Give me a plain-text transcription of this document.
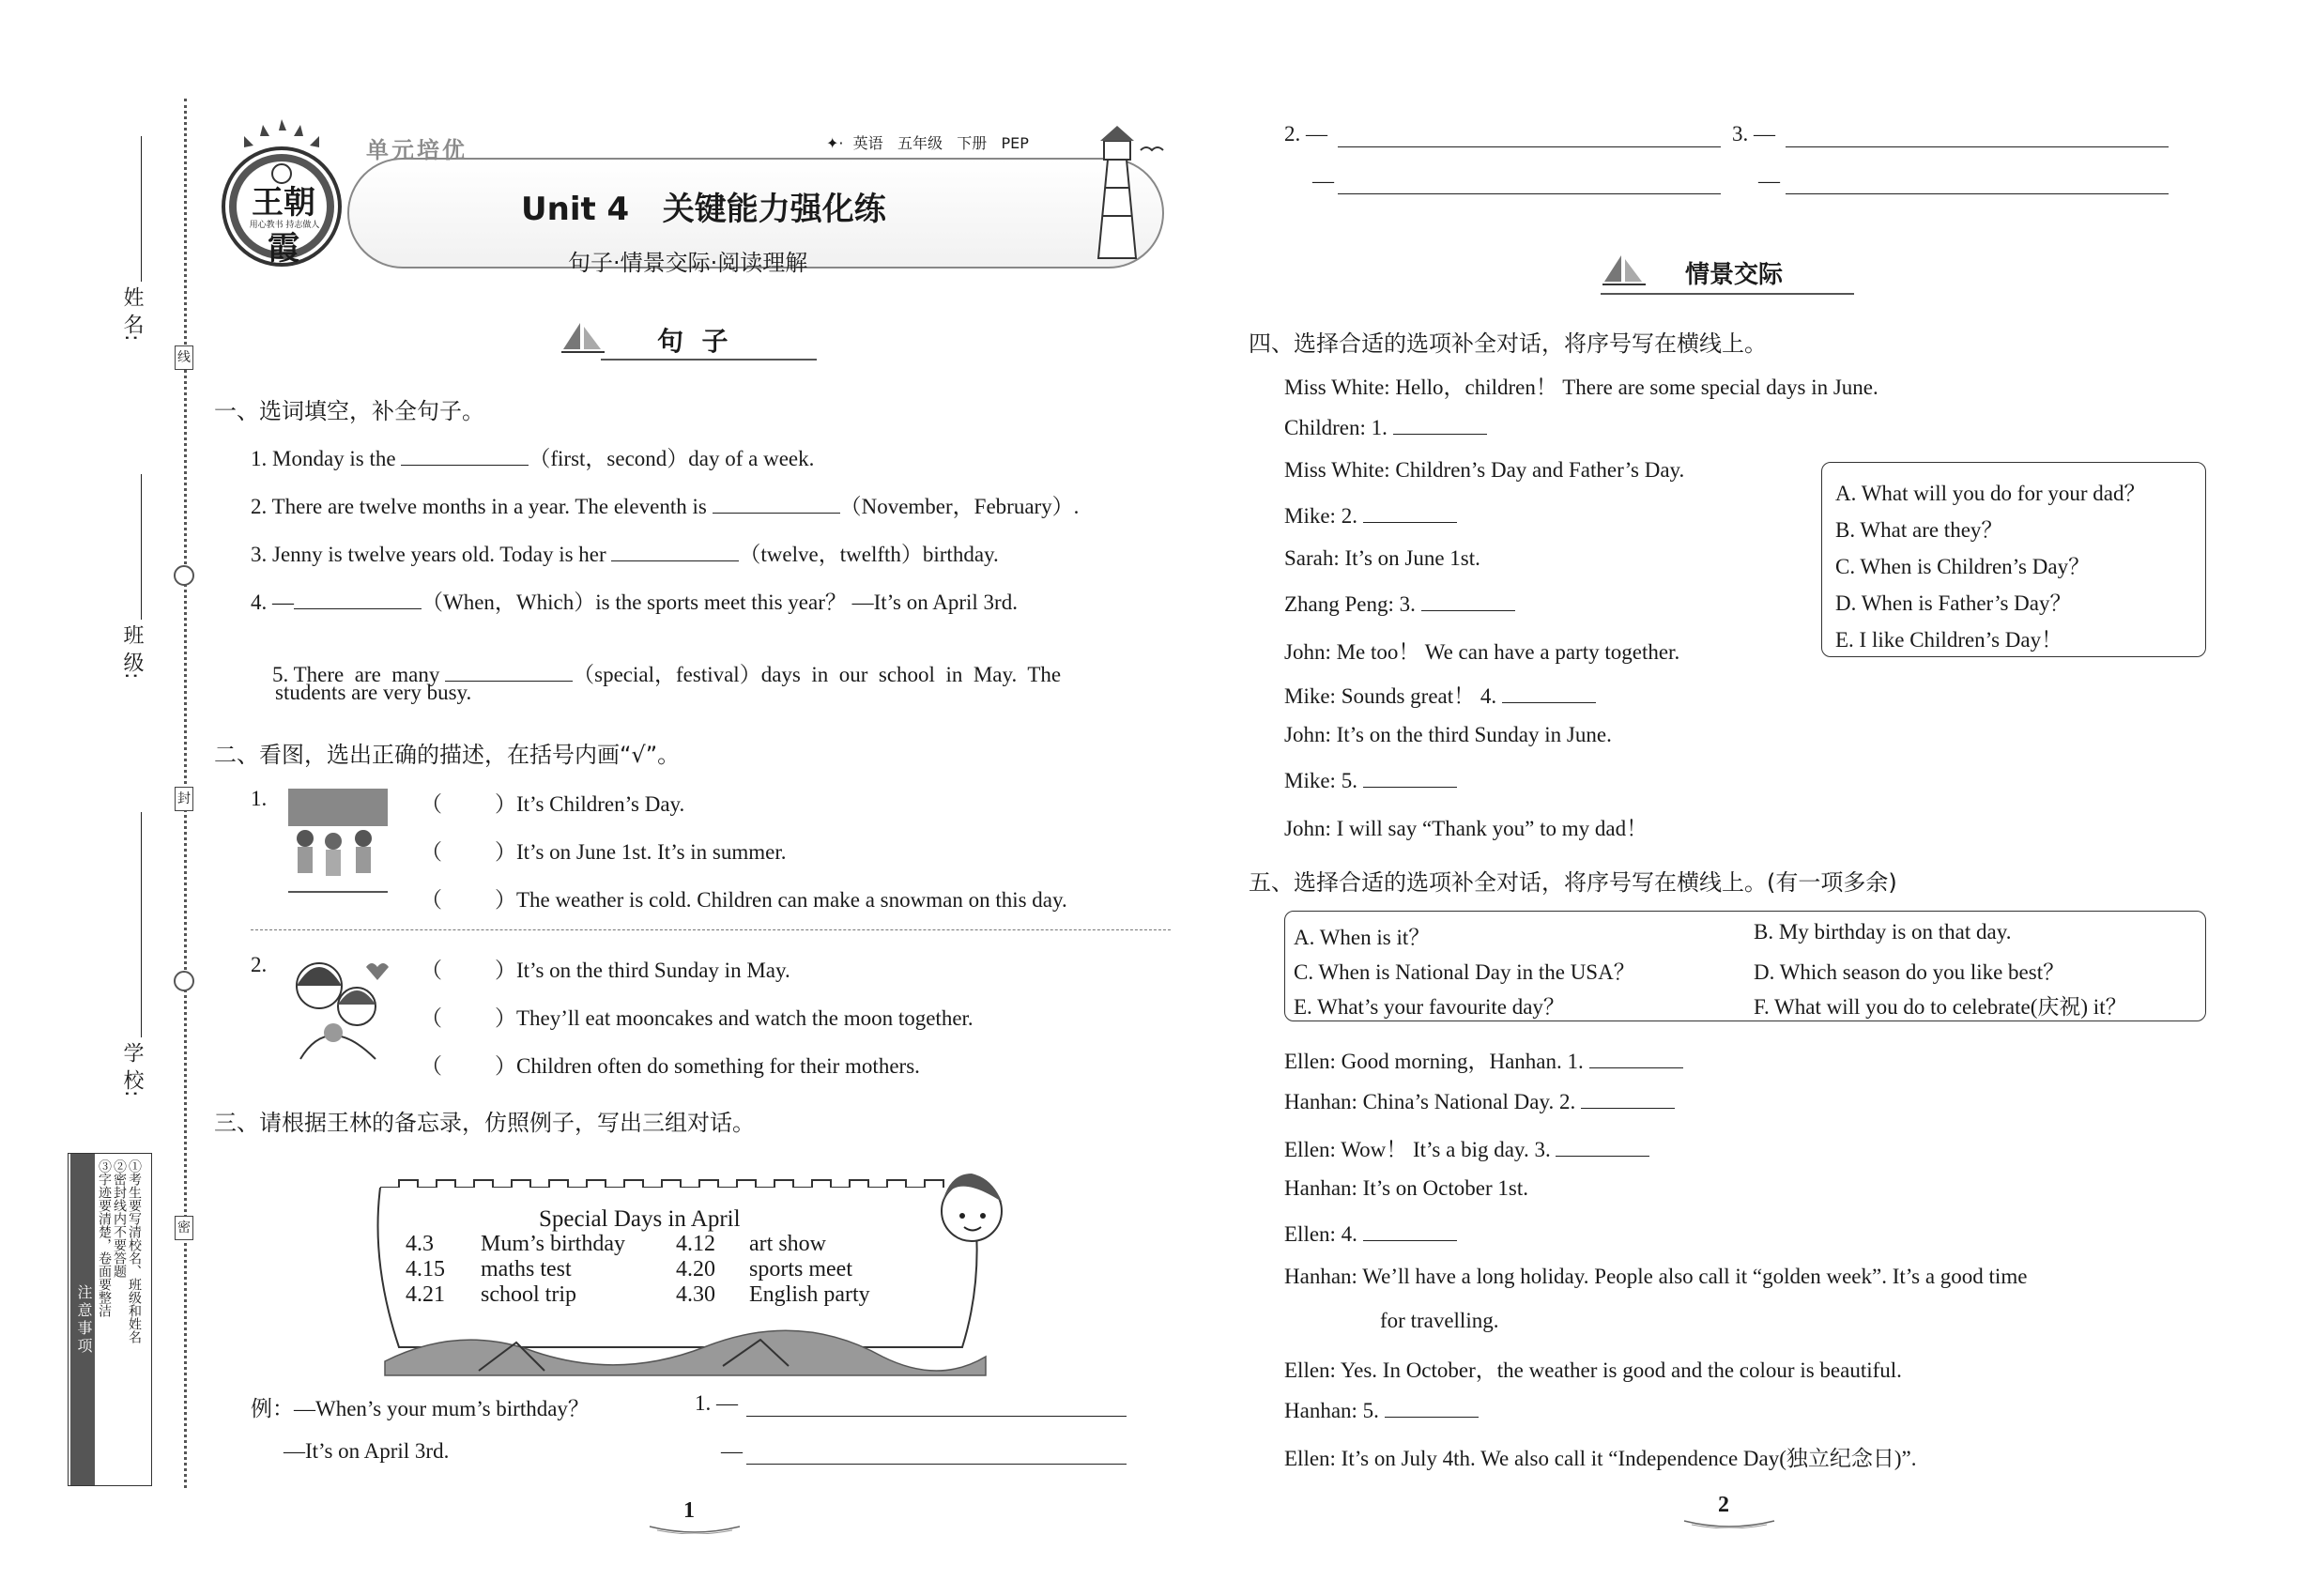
线
封
密
姓 名:
班 级:
学 校:
注意事项	①考生要写清校名、班级和姓名
②密封线内不要答题
③字迹要清楚，卷面要整洁
王朝霞
用心教书 持志做人
单元培优	✦· 英语 五年级 下册 PEP
Unit 4   关键能力强化练
句子·情景交际·阅读理解
句  子
一、选词填空，补全句子。
1. Monday is the	（first，second）day of a week.
2. There are twelve months in a year. The eleventh is	（November，February）.
3. Jenny is twelve years old. Today is her	（twelve，twelfth）birthday.
4. —	（When，Which）is the sports meet this year？ —It’s on April 3rd.

5. There  are  many	（special，festival）days  in  our  school  in  May.  The

students are very busy.
二、看图，选出正确的描述，在括号内画“√”。
1.	（ ）It’s Children’s Day.
（ ）It’s on June 1st. It’s in summer.
（ ）The weather is cold. Children can make a snowman on this day.
2.	（ ）It’s on the third Sunday in May.
（ ）They’ll eat mooncakes and watch the moon together.
（ ）Children often do something for their mothers.
三、请根据王林的备忘录，仿照例子，写出三组对话。
Special Days in April
4.3 Mum’s birthday 4.12 art show
4.15 maths test	4.20 sports meet
4.21 school trip	4.30 English party
例：—When’s your mum’s birthday？
—It’s on April 3rd.
1. —
—
1
2. —
—
3. —
—
情景交际
四、选择合适的选项补全对话，将序号写在横线上。
Miss White: Hello，children！ There are some special days in June.
Children: 1.
Miss White: Children’s Day and Father’s Day.
Mike: 2.
Sarah: It’s on June 1st.
Zhang Peng: 3.
John: Me too！ We can have a party together.
Mike: Sounds great！ 4.
John: It’s on the third Sunday in June.
Mike: 5.
John: I will say “Thank you” to my dad！
A. What will you do for your dad？
B. What are they？
C. When is Children’s Day？
D. When is Father’s Day？
E. I like Children’s Day！
五、选择合适的选项补全对话，将序号写在横线上。(有一项多余)
A. When is it？	B. My birthday is on that day.
C. When is National Day in the USA？	D. Which season do you like best？
E. What’s your favourite day？	F. What will you do to celebrate(庆祝) it？
Ellen: Good morning，Hanhan. 1.
Hanhan: China’s National Day. 2.
Ellen: Wow！ It’s a big day. 3.
Hanhan: It’s on October 1st.
Ellen: 4.
Hanhan: We’ll have a long holiday. People also call it “golden week”. It’s a good time
for travelling.
Ellen: Yes. In October，the weather is good and the colour is beautiful.
Hanhan: 5.
Ellen: It’s on July 4th. We also call it “Independence Day(独立纪念日)”.
2
